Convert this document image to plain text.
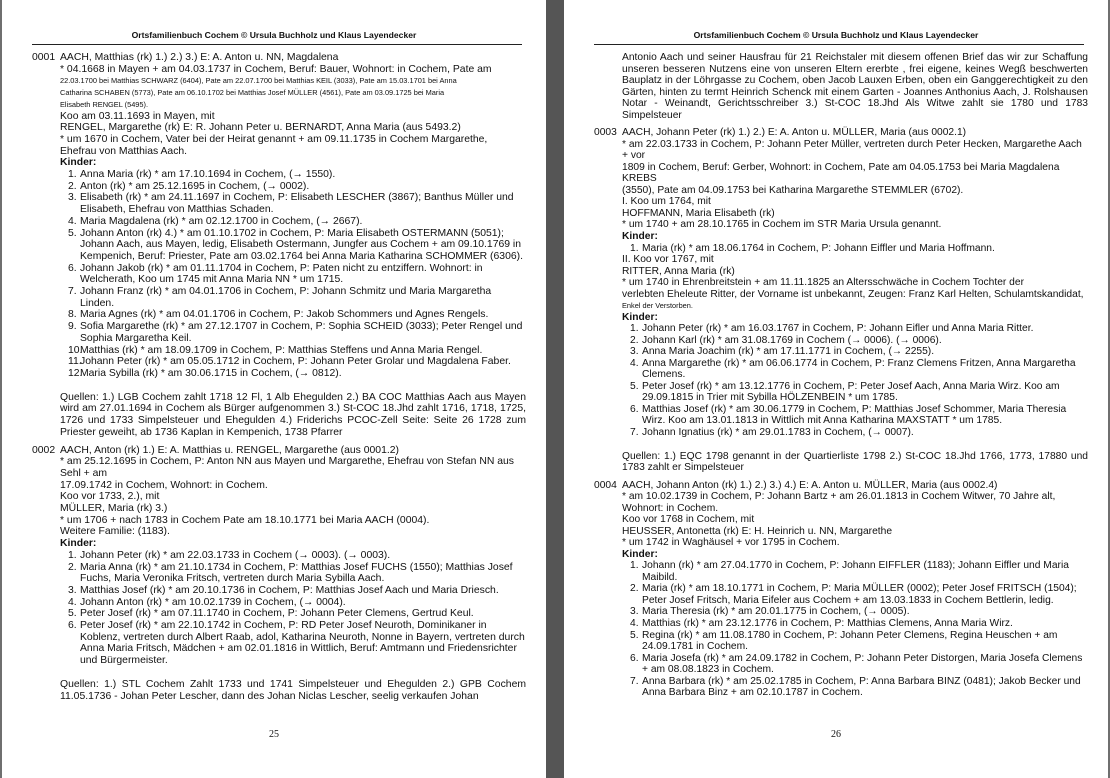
Ortsfamilienbuch Cochem © Ursula Buchholz und Klaus Layendecker
0001 AACH, Matthias (rk) 1.) 2.) 3.) E: A. Anton u. NN, Magdalena
* 04.1668 in Mayen + am 04.03.1737 in Cochem, Beruf: Bauer, Wohnort: in Cochem, Pate am
22.03.1700 bei Matthias SCHWARZ (6404), Pate am 22.07.1700 bei Matthias KEIL (3033), Pate am 15.03.1701 bei Anna
Catharina SCHABEN (5773), Pate am 06.10.1702 bei Matthias Josef MÜLLER (4561), Pate am 03.09.1725 bei Maria
Elisabeth RENGEL (5495).
Koo am 03.11.1693 in Mayen, mit
RENGEL, Margarethe (rk) E: R. Johann Peter u. BERNARDT, Anna Maria (aus 5493.2)
* um 1670 in Cochem, Vater bei der Heirat genannt + am 09.11.1735 in Cochem Margarethe,
Ehefrau von Matthias Aach.
Kinder:
1. Anna Maria (rk) * am 17.10.1694 in Cochem, (→ 1550).
2. Anton (rk) * am 25.12.1695 in Cochem, (→ 0002).
3. Elisabeth (rk) * am 24.11.1697 in Cochem, P: Elisabeth LESCHER (3867); Banthus Müller und Elisabeth, Ehefrau von Matthias Schaden.
4. Maria Magdalena (rk) * am 02.12.1700 in Cochem, (→ 2667).
5. Johann Anton (rk) 4.) * am 01.10.1702 in Cochem, P: Maria Elisabeth OSTERMANN (5051); Johann Aach, aus Mayen, ledig, Elisabeth Ostermann, Jungfer aus Cochem + am 09.10.1769 in Kempenich, Beruf: Priester, Pate am 03.02.1764 bei Anna Maria Katharina SCHOMMER (6306).
6. Johann Jakob (rk) * am 01.11.1704 in Cochem, P: Paten nicht zu entziffern. Wohnort: in Welcherath, Koo um 1745 mit Anna Maria NN * um 1715.
7. Johann Franz (rk) * am 04.01.1706 in Cochem, P: Johann Schmitz und Maria Margaretha Linden.
8. Maria Agnes (rk) * am 04.01.1706 in Cochem, P: Jakob Schommers und Agnes Rengels.
9. Sofia Margarethe (rk) * am 27.12.1707 in Cochem, P: Sophia SCHEID (3033); Peter Rengel und Sophia Margaretha Keil.
10.
Matthias (rk) * am 18.09.1709 in Cochem, P: Matthias Steffens und Anna Maria Rengel.
11.
Johann Peter (rk) * am 05.05.1712 in Cochem, P: Johann Peter Grolar und Magdalena Faber.
12.
Maria Sybilla (rk) * am 30.06.1715 in Cochem, (→ 0812).
Quellen: 1.) LGB Cochem zahlt 1718 12 Fl, 1 Alb Ehegulden 2.) BA COC Matthias Aach aus Mayen wird am 27.01.1694 in Cochem als Bürger aufgenommen 3.) St-COC 18.Jhd zahlt 1716, 1718, 1725, 1726 und 1733 Simpelsteuer und Ehegulden 4.) Friderichs PCOC-Zell Seite: Seite 26 1728 zum Priester geweiht, ab 1736 Kaplan in Kempenich, 1738 Pfarrer
0002 AACH, Anton (rk) 1.) E: A. Matthias u. RENGEL, Margarethe (aus 0001.2)
* am 25.12.1695 in Cochem, P: Anton NN aus Mayen und Margarethe, Ehefrau von Stefan NN aus Sehl + am
17.09.1742 in Cochem, Wohnort: in Cochem.
Koo vor 1733, 2.), mit
MÜLLER, Maria (rk) 3.)
* um 1706 + nach 1783 in Cochem Pate am 18.10.1771 bei Maria AACH (0004).
Weitere Familie: (1183).
Kinder:
1. Johann Peter (rk) * am 22.03.1733 in Cochem (→ 0003). (→ 0003).
2. Maria Anna (rk) * am 21.10.1734 in Cochem, P: Matthias Josef FUCHS (1550); Matthias Josef Fuchs, Maria Veronika Fritsch, vertreten durch Maria Sybilla Aach.
3. Matthias Josef (rk) * am 20.10.1736 in Cochem, P: Matthias Josef Aach und Maria Driesch.
4. Johann Anton (rk) * am 10.02.1739 in Cochem, (→ 0004).
5. Peter Josef (rk) * am 07.11.1740 in Cochem, P: Johann Peter Clemens, Gertrud Keul.
6. Peter Josef (rk) * am 22.10.1742 in Cochem, P: RD Peter Josef Neuroth, Dominikaner in Koblenz, vertreten durch Albert Raab, adol, Katharina Neuroth, Nonne in Bayern, vertreten durch Anna Maria Fritsch, Mädchen + am 02.01.1816 in Wittlich, Beruf: Amtmann und Friedensrichter und Bürgermeister.
Quellen: 1.) STL Cochem Zahlt 1733 und 1741 Simpelsteuer und Ehegulden 2.) GPB Cochem 11.05.1736 - Johan Peter Lescher, dann des Johan Niclas Lescher, seelig verkaufen Johan
25
Ortsfamilienbuch Cochem © Ursula Buchholz und Klaus Layendecker
Antonio Aach und seiner Hausfrau für 21 Reichstaler mit diesem offenen Brief das wir zur Schaffung unseren besseren Nutzens eine von unseren Eltern ererbte , frei eigene, keines Wegß beschwerten Bauplatz in der Löhrgasse zu Cochem, oben Jacob Lauxen Erben, oben ein Ganggerechtigkeit zu den Gärten, hinten zu termt Heinrich Schenck mit einem Garten - Joannes Anthonius Aach, J. Rolshausen Notar - Weinandt, Gerichtsschreiber 3.) St-COC 18.Jhd Als Witwe zahlt sie 1780 und 1783 Simpelsteuer
0003 AACH, Johann Peter (rk) 1.) 2.) E: A. Anton u. MÜLLER, Maria (aus 0002.1)
* am 22.03.1733 in Cochem, P: Johann Peter Müller, vertreten durch Peter Hecken, Margarethe Aach + vor
1809 in Cochem, Beruf: Gerber, Wohnort: in Cochem, Pate am 04.05.1753 bei Maria Magdalena KREBS
(3550), Pate am 04.09.1753 bei Katharina Margarethe STEMMLER (6702).
I. Koo um 1764, mit
HOFFMANN, Maria Elisabeth (rk)
* um 1740 + am 28.10.1765 in Cochem im STR Maria Ursula genannt.
Kinder:
1. Maria (rk) * am 18.06.1764 in Cochem, P: Johann Eiffler und Maria Hoffmann.
II. Koo vor 1767, mit
RITTER, Anna Maria (rk)
* um 1740 in Ehrenbreitstein + am 11.11.1825 an Altersschwäche in Cochem Tochter der
verlebten Eheleute Ritter, der Vorname ist unbekannt, Zeugen: Franz Karl Helten, Schulamtskandidat,
Enkel der Verstorben.
Kinder:
1. Johann Peter (rk) * am 16.03.1767 in Cochem, P: Johann Eifler und Anna Maria Ritter.
2. Johann Karl (rk) * am 31.08.1769 in Cochem (→ 0006). (→ 0006).
3. Anna Maria Joachim (rk) * am 17.11.1771 in Cochem, (→ 2255).
4. Anna Margarethe (rk) * am 06.06.1774 in Cochem, P: Franz Clemens Fritzen, Anna Margaretha Clemens.
5. Peter Josef (rk) * am 13.12.1776 in Cochem, P: Peter Josef Aach, Anna Maria Wirz. Koo am 29.09.1815 in Trier mit Sybilla HÖLZENBEIN * um 1785.
6. Matthias Josef (rk) * am 30.06.1779 in Cochem, P: Matthias Josef Schommer, Maria Theresia Wirz. Koo am 13.01.1813 in Wittlich mit Anna Katharina MAXSTATT * um 1785.
7. Johann Ignatius (rk) * am 29.01.1783 in Cochem, (→ 0007).
Quellen: 1.) EQC 1798 genannt in der Quartierliste 1798 2.) St-COC 18.Jhd 1766, 1773, 17880 und 1783 zahlt er Simpelsteuer
0004 AACH, Johann Anton (rk) 1.) 2.) 3.) 4.) E: A. Anton u. MÜLLER, Maria (aus 0002.4)
* am 10.02.1739 in Cochem, P: Johann Bartz + am 26.01.1813 in Cochem Witwer, 70 Jahre alt,
Wohnort: in Cochem.
Koo vor 1768 in Cochem, mit
HEUSSER, Antonetta (rk) E: H. Heinrich u. NN, Margarethe
* um 1742 in Waghäusel + vor 1795 in Cochem.
Kinder:
1. Johann (rk) * am 27.04.1770 in Cochem, P: Johann EIFFLER (1183); Johann Eiffler und Maria Maibild.
2. Maria (rk) * am 18.10.1771 in Cochem, P: Maria MÜLLER (0002); Peter Josef FRITSCH (1504); Peter Josef Fritsch, Maria Eifeler aus Cochem + am 13.03.1833 in Cochem Bettlerin, ledig.
3. Maria Theresia (rk) * am 20.01.1775 in Cochem, (→ 0005).
4. Matthias (rk) * am 23.12.1776 in Cochem, P: Matthias Clemens, Anna Maria Wirz.
5. Regina (rk) * am 11.08.1780 in Cochem, P: Johann Peter Clemens, Regina Heuschen + am 24.09.1781 in Cochem.
6. Maria Josefa (rk) * am 24.09.1782 in Cochem, P: Johann Peter Distorgen, Maria Josefa Clemens + am 08.08.1823 in Cochem.
7. Anna Barbara (rk) * am 25.02.1785 in Cochem, P: Anna Barbara BINZ (0481); Jakob Becker und Anna Barbara Binz + am 02.10.1787 in Cochem.
26
